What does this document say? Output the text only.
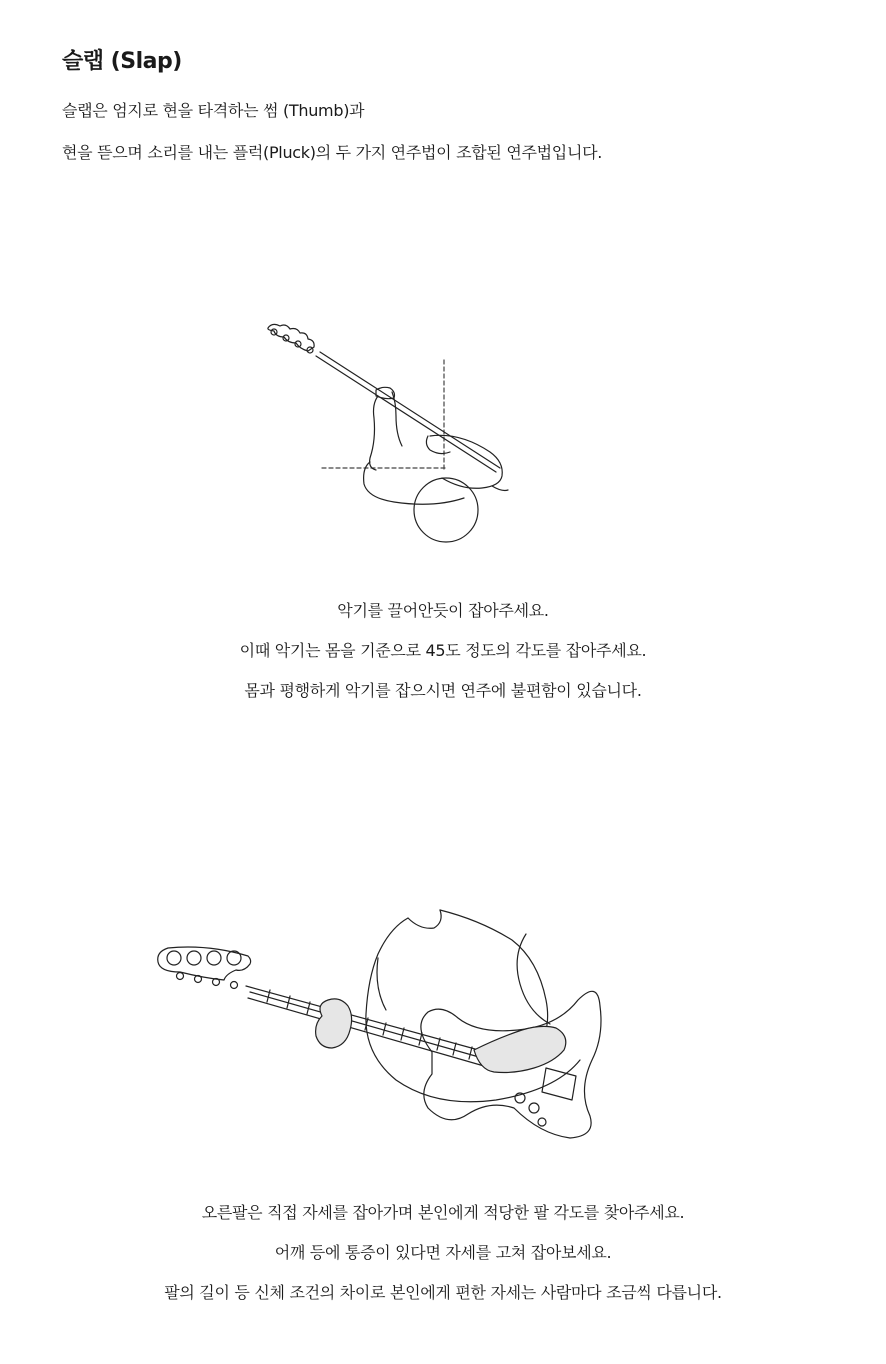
슬랩 (Slap)

슬랩은 엄지로 현을 타격하는 썸 (Thumb)과

현을 뜯으며 소리를 내는 플럭(Pluck)의 두 가지 연주법이 조합된 연주법입니다.

악기를 끌어안듯이 잡아주세요.

이때 악기는 몸을 기준으로 45도 정도의 각도를 잡아주세요.

몸과 평행하게 악기를 잡으시면 연주에 불편함이 있습니다.

오른팔은 직접 자세를 잡아가며 본인에게 적당한 팔 각도를 찾아주세요.

어깨 등에 통증이 있다면 자세를 고쳐 잡아보세요.

팔의 길이 등 신체 조건의 차이로 본인에게 편한 자세는 사람마다 조금씩 다릅니다.
